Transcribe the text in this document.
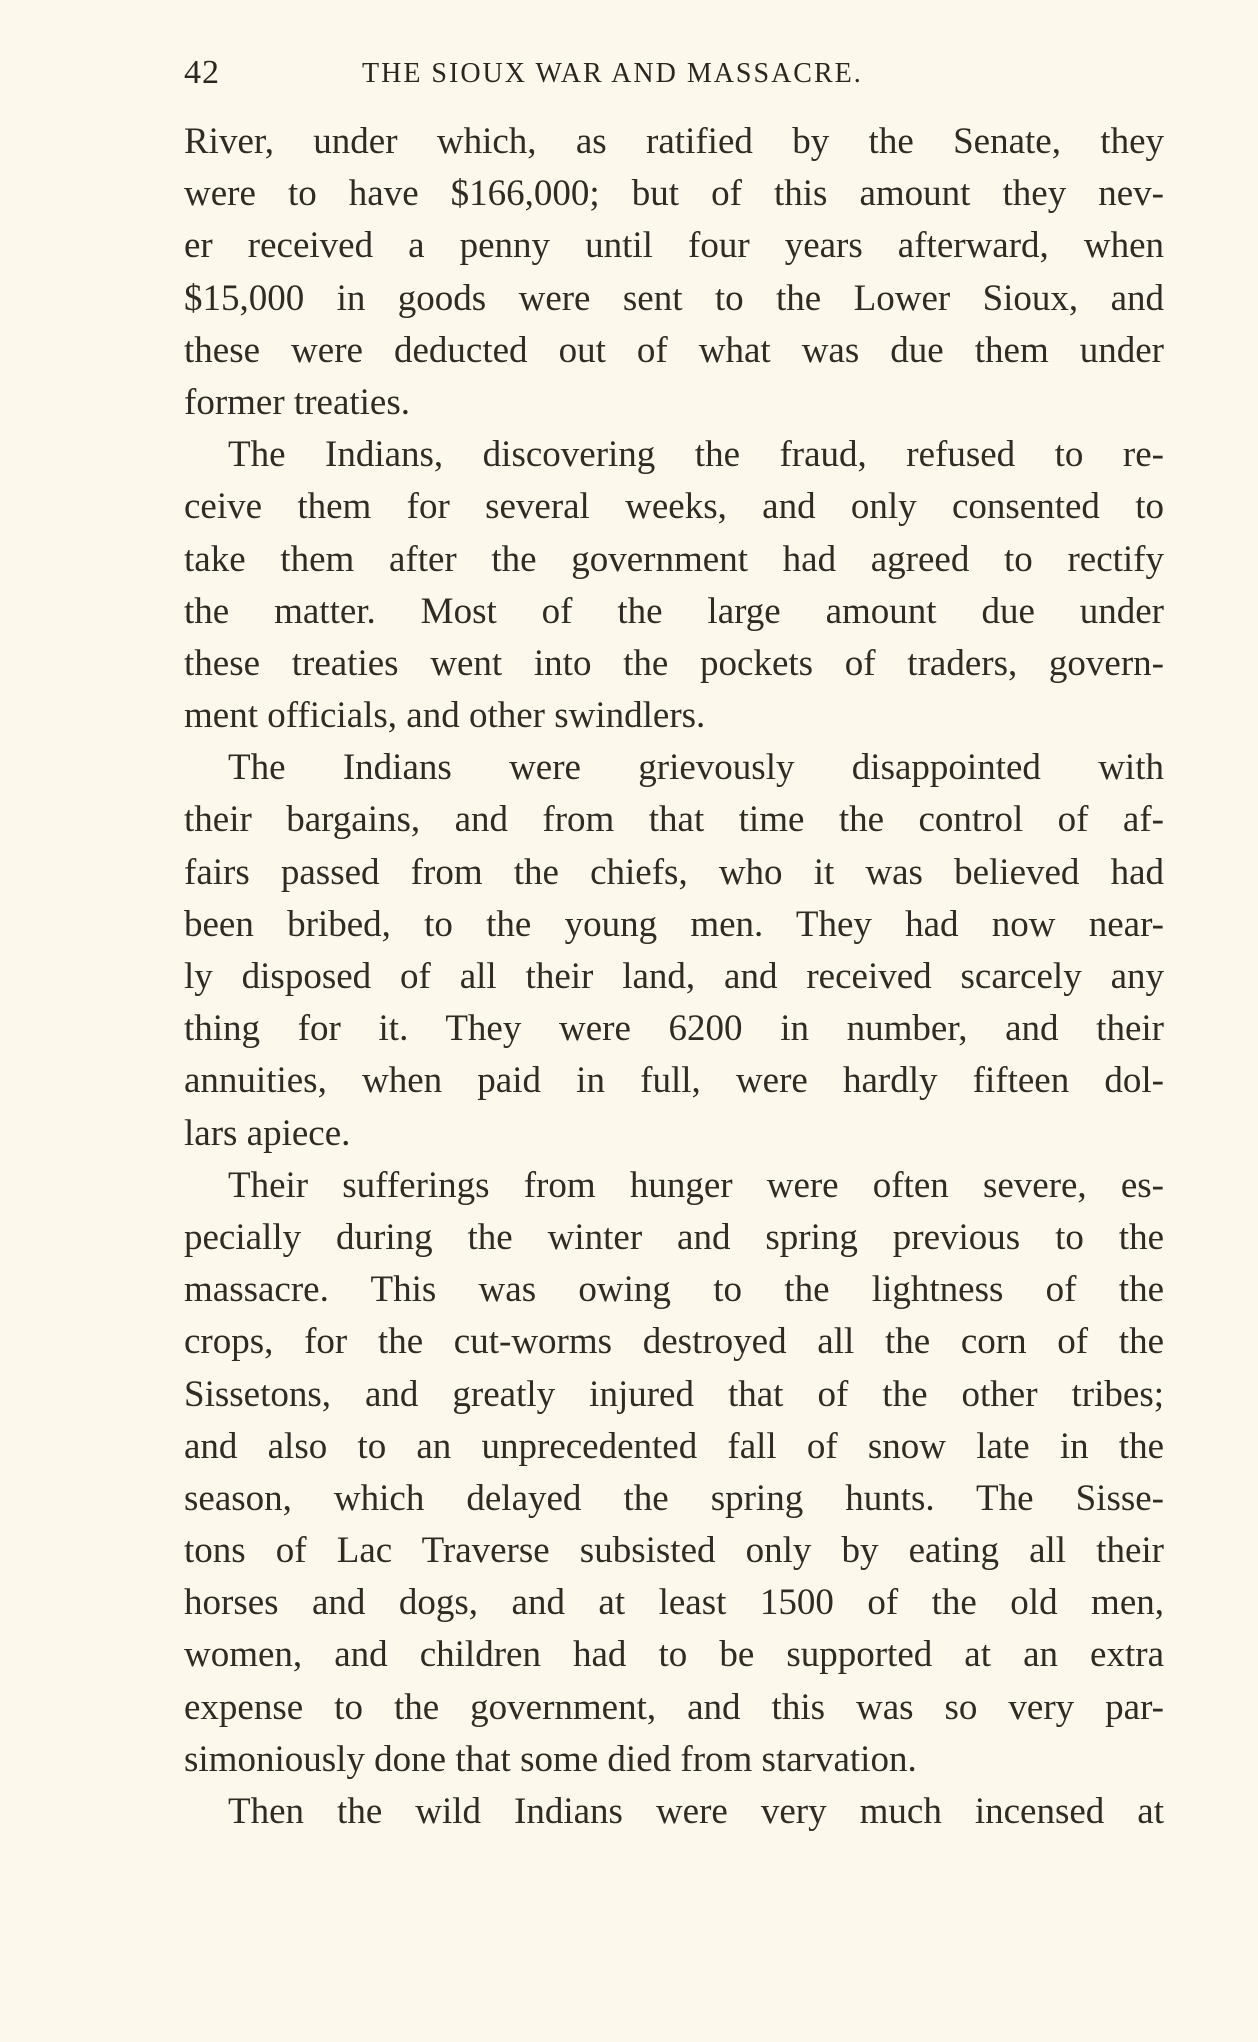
42	THE SIOUX WAR AND MASSACRE.
River, under which, as ratified by the Senate, they
were to have $166,000; but of this amount they nev-
er received a penny until four years afterward, when
$15,000 in goods were sent to the Lower Sioux, and
these were deducted out of what was due them under
former treaties.
The Indians, discovering the fraud, refused to re-
ceive them for several weeks, and only consented to
take them after the government had agreed to rectify
the matter. Most of the large amount due under
these treaties went into the pockets of traders, govern-
ment officials, and other swindlers.
The Indians were grievously disappointed with
their bargains, and from that time the control of af-
fairs passed from the chiefs, who it was believed had
been bribed, to the young men. They had now near-
ly disposed of all their land, and received scarcely any
thing for it. They were 6200 in number, and their
annuities, when paid in full, were hardly fifteen dol-
lars apiece.
Their sufferings from hunger were often severe, es-
pecially during the winter and spring previous to the
massacre. This was owing to the lightness of the
crops, for the cut-worms destroyed all the corn of the
Sissetons, and greatly injured that of the other tribes;
and also to an unprecedented fall of snow late in the
season, which delayed the spring hunts. The Sisse-
tons of Lac Traverse subsisted only by eating all their
horses and dogs, and at least 1500 of the old men,
women, and children had to be supported at an extra
expense to the government, and this was so very par-
simoniously done that some died from starvation.
Then the wild Indians were very much incensed at
